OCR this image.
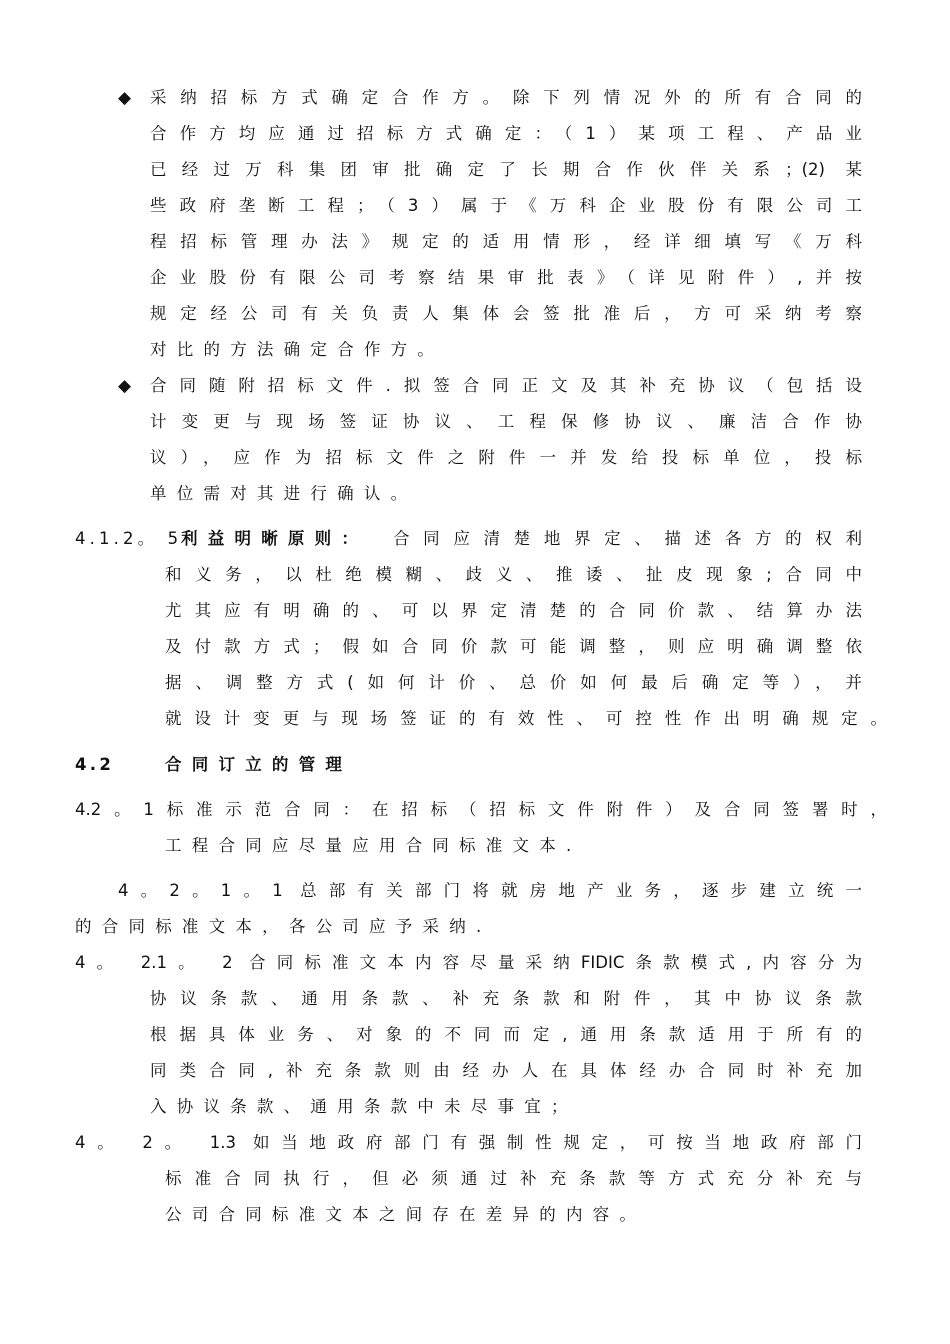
◆ 采纳招标方式确定合作方。除下列情况外的所有合同的
合作方均应通过招标方式确定：（1）某项工程、产品业
已经过万科集团审批确定了长期合作伙伴关系；(2) 某
些政府垄断工程；（3）属于《万科企业股份有限公司工
程招标管理办法》规定的适用情形，经详细填写《万科
企业股份有限公司考察结果审批表》（详见附件）,并按
规定经公司有关负责人集体会签批准后，方可采纳考察
对比的方法确定合作方。
◆ 合同随附招标文件.拟签合同正文及其补充协议（包括设
计变更与现场签证协议、工程保修协议、廉洁合作协
议），应作为招标文件之附件一并发给投标单位，投标
单位需对其进行确认。
4.1.2。 5
利益明晰原则： 合同应清楚地界定、描述各方的权利
和义务，以杜绝模糊、歧义、推诿、扯皮现象;合同中
尤其应有明确的、可以界定清楚的合同价款、结算办法
及付款方式；假如合同价款可能调整，则应明确调整依
据、调整方式(如何计价、总价如何最后确定等），并
就设计变更与现场签证的有效性、可控性作出明确规定。
4.2	合同订立的管理
4.2。1标准示范合同：在招标（招标文件附件）及合同签署时，
工程合同应尽量应用合同标准文本.
4。2。1。1 总部有关部门将就房地产业务，逐步建立统一
的合同标准文本，各公司应予采纳.
4。 2.1。 2 合同标准文本内容尽量采纳FIDIC条款模式,内容分为
协议条款、通用条款、补充条款和附件，其中协议条款
根据具体业务、对象的不同而定,通用条款适用于所有的
同类合同,补充条款则由经办人在具体经办合同时补充加
入协议条款、通用条款中未尽事宜；
4。 2。 1.3 如当地政府部门有强制性规定，可按当地政府部门
标准合同执行，但必须通过补充条款等方式充分补充与
公司合同标准文本之间存在差异的内容。
